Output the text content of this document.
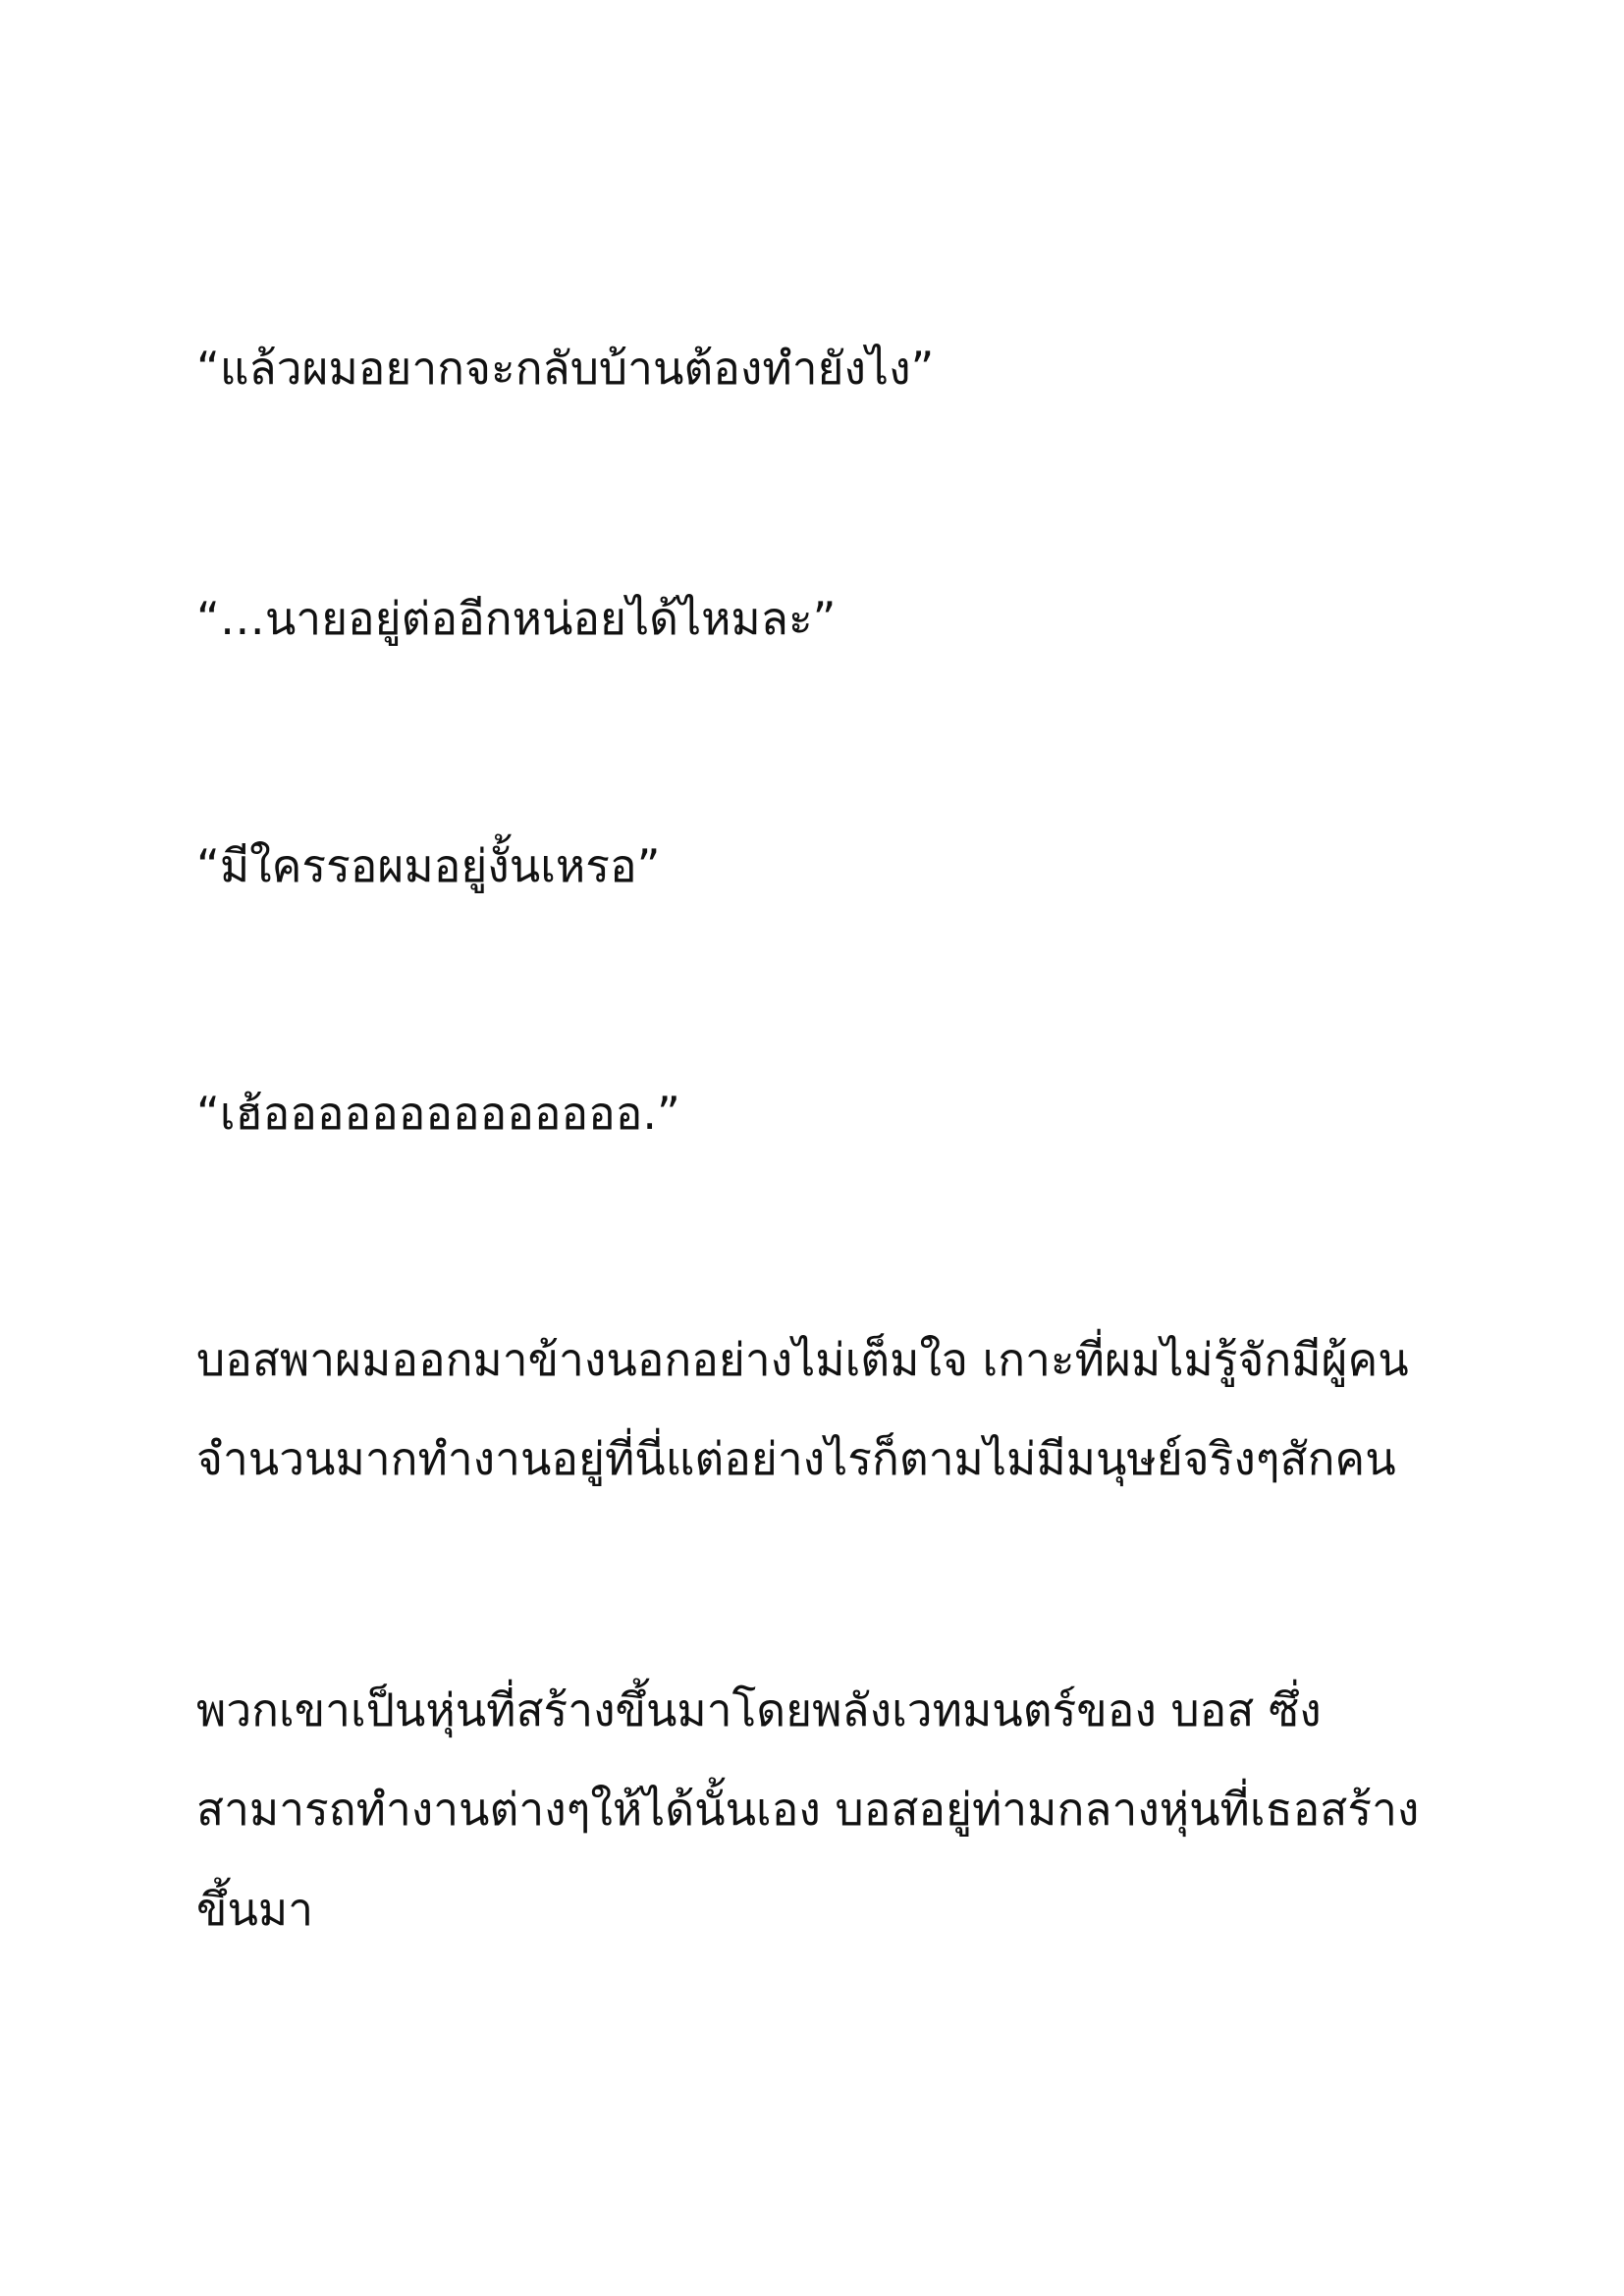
“แล้วผมอยากจะกลับบ้านต้องทำยังไง”
“…นายอยู่ต่ออีกหน่อยได้ไหมละ”
“มีใครรอผมอยู่งั้นเหรอ”
“เฮ้ออออออออออออออ.”
บอสพาผมออกมาข้างนอกอย่างไม่เต็มใจ เกาะที่ผมไม่รู้จักมีผู้คน
จำนวนมากทำงานอยู่ที่นี่แต่อย่างไรก็ตามไม่มีมนุษย์จริงๆสักคน
พวกเขาเป็นหุ่นที่สร้างขึ้นมาโดยพลังเวทมนตร์ของ บอส ซึ่ง
สามารถทำงานต่างๆให้ได้นั้นเอง บอสอยู่ท่ามกลางหุ่นที่เธอสร้าง
ขึ้นมา
